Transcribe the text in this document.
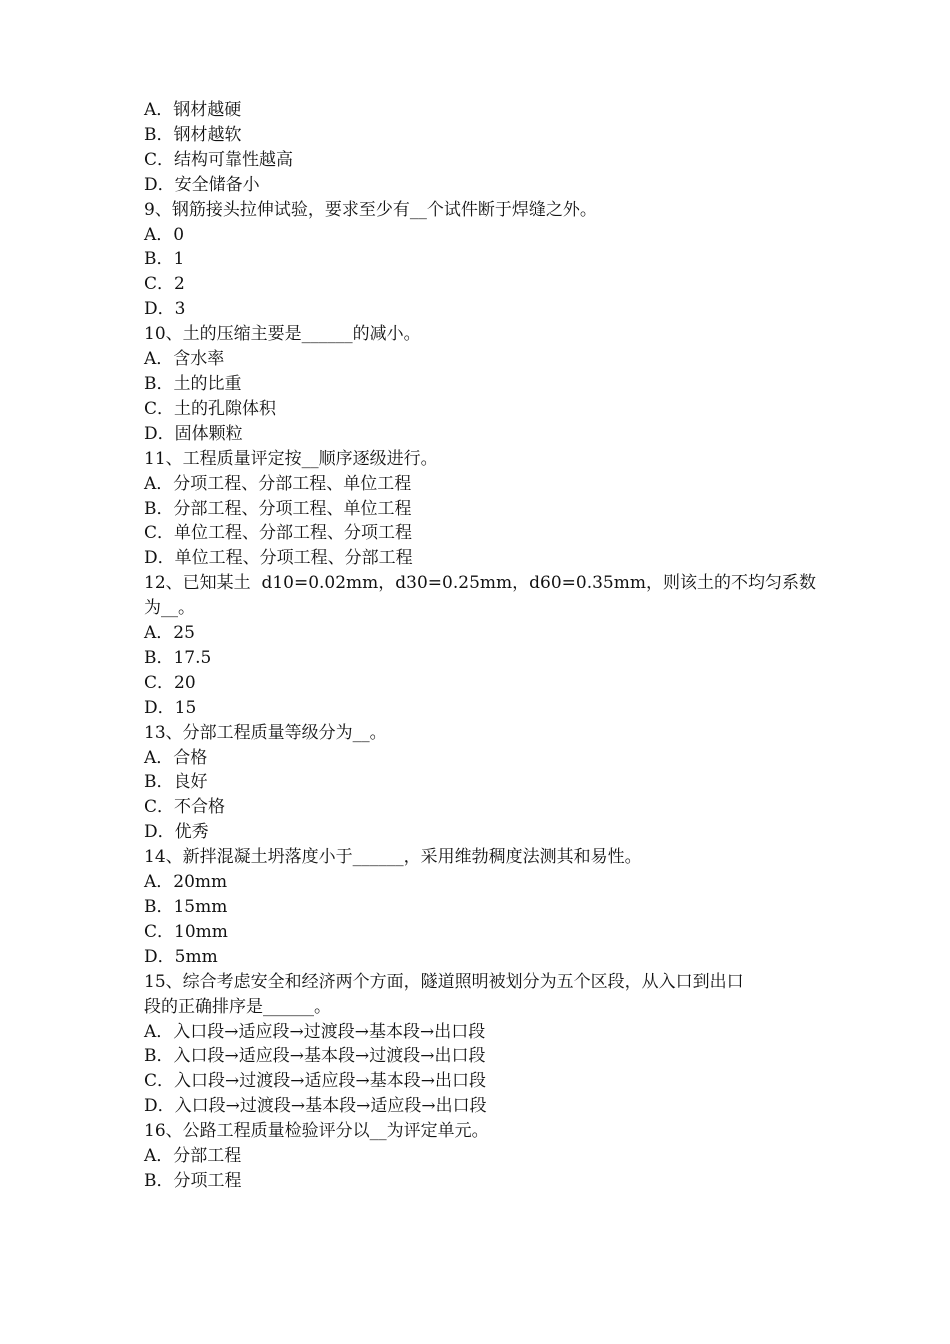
A．钢材越硬
B．钢材越软
C．结构可靠性越高
D．安全储备小
9、钢筋接头拉伸试验，要求至少有__个试件断于焊缝之外。
A．0
B．1
C．2
D．3
10、土的压缩主要是______的减小。
A．含水率
B．土的比重
C．土的孔隙体积
D．固体颗粒
11、工程质量评定按__顺序逐级进行。
A．分项工程、分部工程、单位工程
B．分部工程、分项工程、单位工程
C．单位工程、分部工程、分项工程
D．单位工程、分项工程、分部工程
12、已知某土  d10=0.02mm，d30=0.25mm，d60=0.35mm，则该土的不均匀系数
为__。
A．25
B．17.5
C．20
D．15
13、分部工程质量等级分为__。
A．合格
B．良好
C．不合格
D．优秀
14、新拌混凝土坍落度小于______，采用维勃稠度法测其和易性。
A．20mm
B．15mm
C．10mm
D．5mm
15、综合考虑安全和经济两个方面，隧道照明被划分为五个区段，从入口到出口
段的正确排序是______。
A．入口段→适应段→过渡段→基本段→出口段
B．入口段→适应段→基本段→过渡段→出口段
C．入口段→过渡段→适应段→基本段→出口段
D．入口段→过渡段→基本段→适应段→出口段
16、公路工程质量检验评分以__为评定单元。
A．分部工程
B．分项工程
